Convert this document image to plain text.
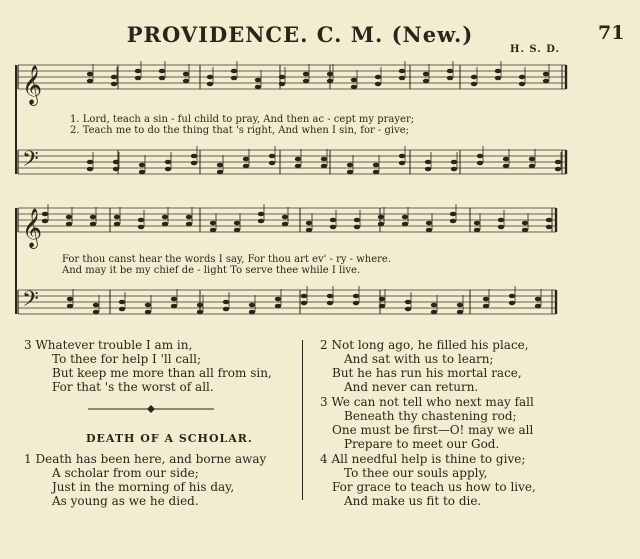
PROVIDENCE. C. M. (New.)	71
H. S. D.
𝄞
𝄞
𝄢
𝄢
1. Lord, teach a sin - ful child to pray, And then ac - cept my prayer;
2. Teach me to do the thing that 's right, And when I sin, for - give;
For thou canst hear the words I say, For thou art ev' - ry - where.
And may it be my chief de - light To serve thee while I live.
3 Whatever trouble I am in,
To thee for help I 'll call;
But keep me more than all from sin,
For that 's the worst of all.
DEATH OF A SCHOLAR.
1 Death has been here, and borne away
A scholar from our side;
Just in the morning of his day,
As young as we he died.
2 Not long ago, he filled his place,
And sat with us to learn;
But he has run his mortal race,
And never can return.
3 We can not tell who next may fall
Beneath thy chastening rod;
One must be first—O! may we all
Prepare to meet our God.
4 All needful help is thine to give;
To thee our souls apply,
For grace to teach us how to live,
And make us fit to die.
